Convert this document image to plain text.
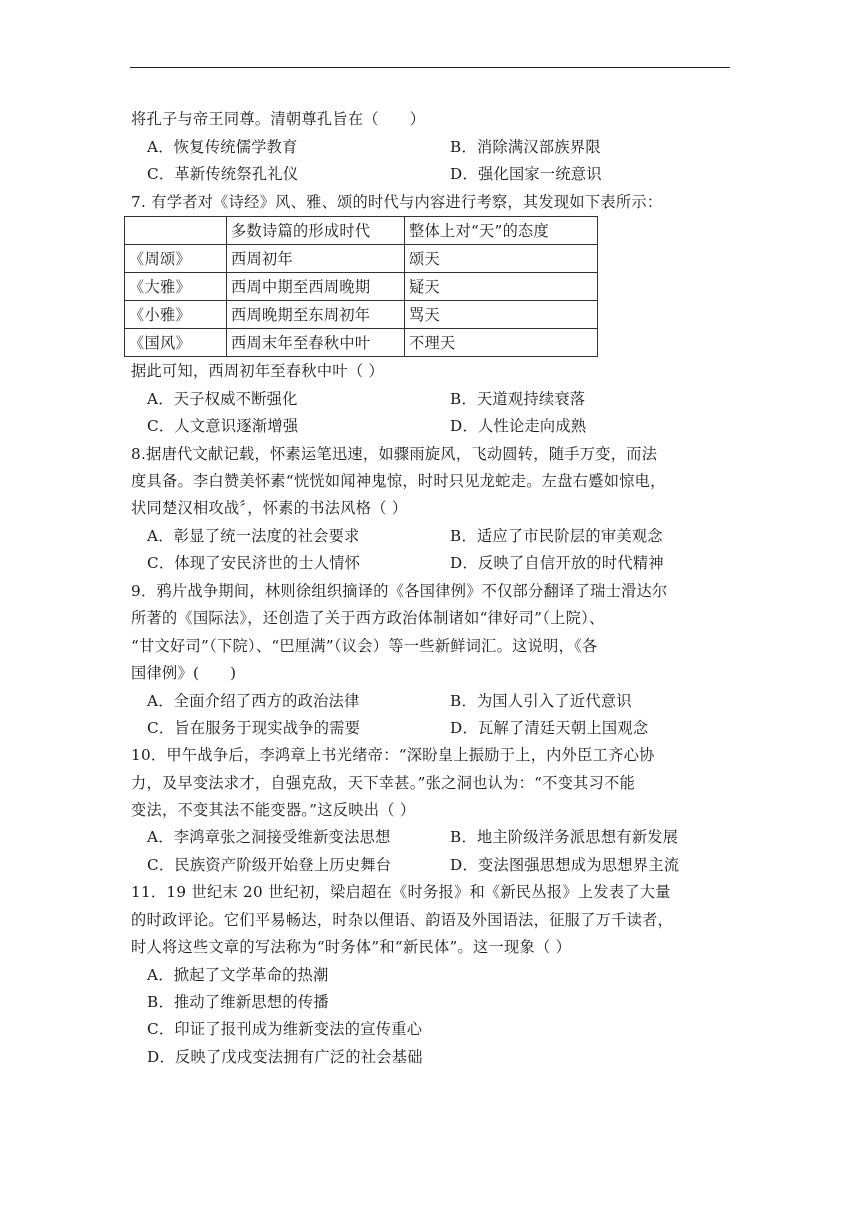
将孔子与帝王同尊。清朝尊孔旨在（　　）
A．恢复传统儒学教育	B．消除满汉部族界限
C．革新传统祭孔礼仪	D．强化国家一统意识
7. 有学者对《诗经》风、雅、颂的时代与内容进行考察，其发现如下表所示：
	多数诗篇的形成时代	整体上对“天”的态度
《周颂》	西周初年	颂天
《大雅》	西周中期至西周晚期	疑天
《小雅》	西周晚期至东周初年	骂天
《国风》	西周末年至春秋中叶	不理天
据此可知，西周初年至春秋中叶（ ）
A．天子权威不断强化	B．天道观持续衰落
C．人文意识逐渐增强	D．人性论走向成熟
8.据唐代文献记载，怀素运笔迅速，如骤雨旋风，飞动圆转，随手万变，而法
度具备。李白赞美怀素“恍恍如闻神鬼惊，时时只见龙蛇走。左盘右蹙如惊电，
状同楚汉相攻战〞，怀素的书法风格（ ）
A．彰显了统一法度的社会要求	B．适应了市民阶层的审美观念
C．体现了安民济世的士人情怀	D．反映了自信开放的时代精神
9．鸦片战争期间，林则徐组织摘译的《各国律例》不仅部分翻译了瑞士滑达尔
所著的《国际法》，还创造了关于西方政治体制诸如“律好司”（上院）、
“甘文好司”（下院）、“巴厘满”（议会）等一些新鲜词汇。这说明，《各
国律例》(　　)
A．全面介绍了西方的政治法律	B．为国人引入了近代意识
C．旨在服务于现实战争的需要	D．瓦解了清廷天朝上国观念
10．甲午战争后，李鸿章上书光绪帝：“深盼皇上振励于上，内外臣工齐心协
力，及早变法求才，自强克敌，天下幸甚。”张之洞也认为：“不变其习不能
变法，不变其法不能变器。”这反映出（ ）
A．李鸿章张之洞接受维新变法思想	B．地主阶级洋务派思想有新发展
C．民族资产阶级开始登上历史舞台	D．变法图强思想成为思想界主流
11．19 世纪末 20 世纪初，梁启超在《时务报》和《新民丛报》上发表了大量
的时政评论。它们平易畅达，时杂以俚语、韵语及外国语法，征服了万千读者，
时人将这些文章的写法称为“时务体”和“新民体”。这一现象（ ）
A．掀起了文学革命的热潮
B．推动了维新思想的传播
C．印证了报刊成为维新变法的宣传重心
D．反映了戊戌变法拥有广泛的社会基础
